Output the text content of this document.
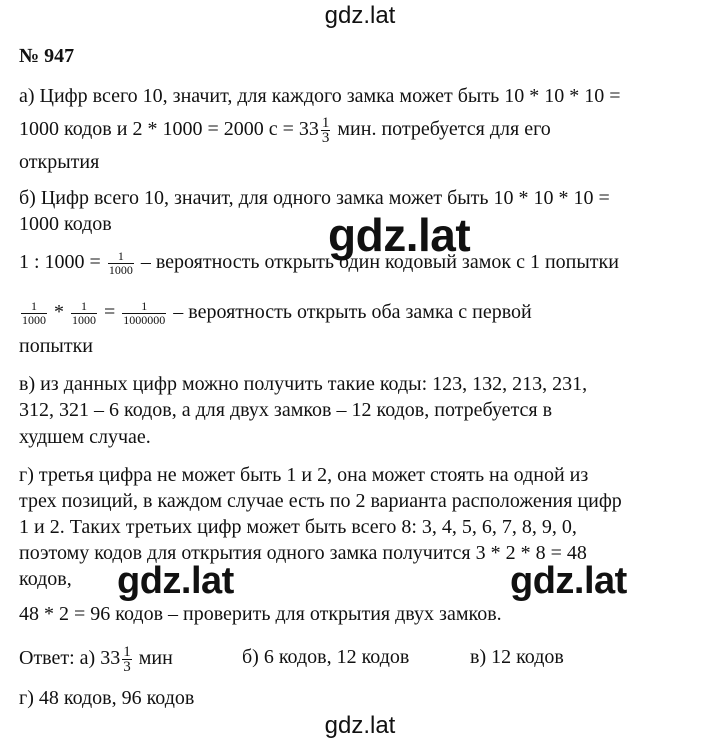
gdz.lat
№ 947
а) Цифр всего 10, значит, для каждого замка может быть 10 * 10 * 10 =
1000 кодов и 2 * 1000 = 2000 $с = 33 \frac{1}{3}$ мин. потребуется для его
открытия
б) Цифр всего 10, значит, для одного замка может быть 10 * 10 * 10 =
1000 кодов
1 : $1000 = \frac{1}{1000}$ – вероятность открыть один кодовый замок с 1 попытки
$\frac{1}{1000} * \frac{1}{1000} = \frac{1}{1000000}$ – вероятность открыть оба замка с первой
попытки
в) из данных цифр можно получить такие коды: 123, 132, 213, 231,
312, 321 – 6 кодов, а для двух замков – 12 кодов, потребуется в
худшем случае.
г) третья цифра не может быть 1 и 2, она может стоять на одной из
трех позиций, в каждом случае есть по 2 варианта расположения цифр
1 и 2. Таких третьих цифр может быть всего 8: 3, 4, 5, 6, 7, 8, 9, 0,
поэтому кодов для открытия одного замка получится 3 * 2 * 8 = 48
кодов,
48 * 2 = 96 кодов – проверить для открытия двух замков.
Ответ: а) $33 \frac{1}{3}$ мин	б) 6 кодов, 12 кодов	в) 12 кодов
г) 48 кодов, 96 кодов
gdz.lat
gdz.lat	gdz.lat
gdz.lat
